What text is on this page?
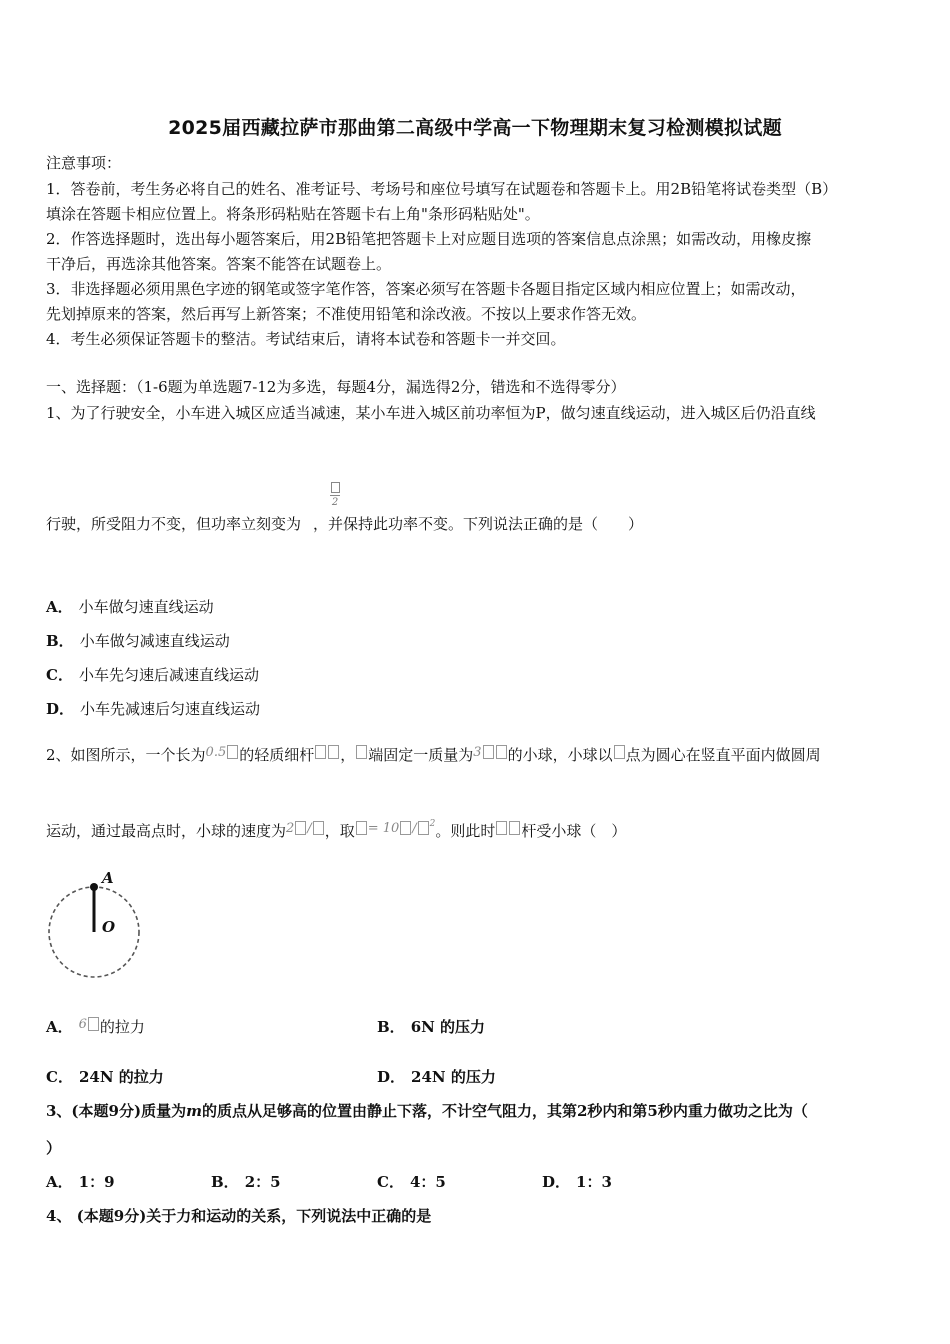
2025届西藏拉萨市那曲第二高级中学高一下物理期末复习检测模拟试题
注意事项：
1．答卷前，考生务必将自己的姓名、准考证号、考场号和座位号填写在试题卷和答题卡上。用2B铅笔将试卷类型（B）
填涂在答题卡相应位置上。将条形码粘贴在答题卡右上角"条形码粘贴处"。
2．作答选择题时，选出每小题答案后，用2B铅笔把答题卡上对应题目选项的答案信息点涂黑；如需改动，用橡皮擦
干净后，再选涂其他答案。答案不能答在试题卷上。
3．非选择题必须用黑色字迹的钢笔或签字笔作答，答案必须写在答题卡各题目指定区域内相应位置上；如需改动，
先划掉原来的答案，然后再写上新答案；不准使用铅笔和涂改液。不按以上要求作答无效。
4．考生必须保证答题卡的整洁。考试结束后，请将本试卷和答题卡一并交回。
一、选择题：（1-6题为单选题7-12为多选，每题4分，漏选得2分，错选和不选得零分）
1、为了行驶安全，小车进入城区应适当减速，某小车进入城区前功率恒为P，做匀速直线运动，进入城区后仍沿直线
2
行驶，所受阻力不变，但功率立刻变为 ，并保持此功率不变。下列说法正确的是（　　）
A． 小车做匀速直线运动
B． 小车做匀减速直线运动
C． 小车先匀速后减速直线运动
D． 小车先减速后匀速直线运动
2、如图所示，一个长为0.5 的轻质细杆 ， 端固定一质量为3 的小球，小球以 点为圆心在竖直平面内做圆周
运动，通过最高点时，小球的速度为2 / ，取 = 10 / $^2$。则此时 杆受小球（　）
A
O
A． 6 的拉力	B． 6N 的压力
C． 24N 的拉力	D． 24N 的压力
3、(本题9分)质量为m的质点从足够高的位置由静止下落，不计空气阻力，其第2秒内和第5秒内重力做功之比为（
）
A． 1：9	B． 2：5	C． 4：5	D． 1：3
4、 (本题9分)关于力和运动的关系，下列说法中正确的是
